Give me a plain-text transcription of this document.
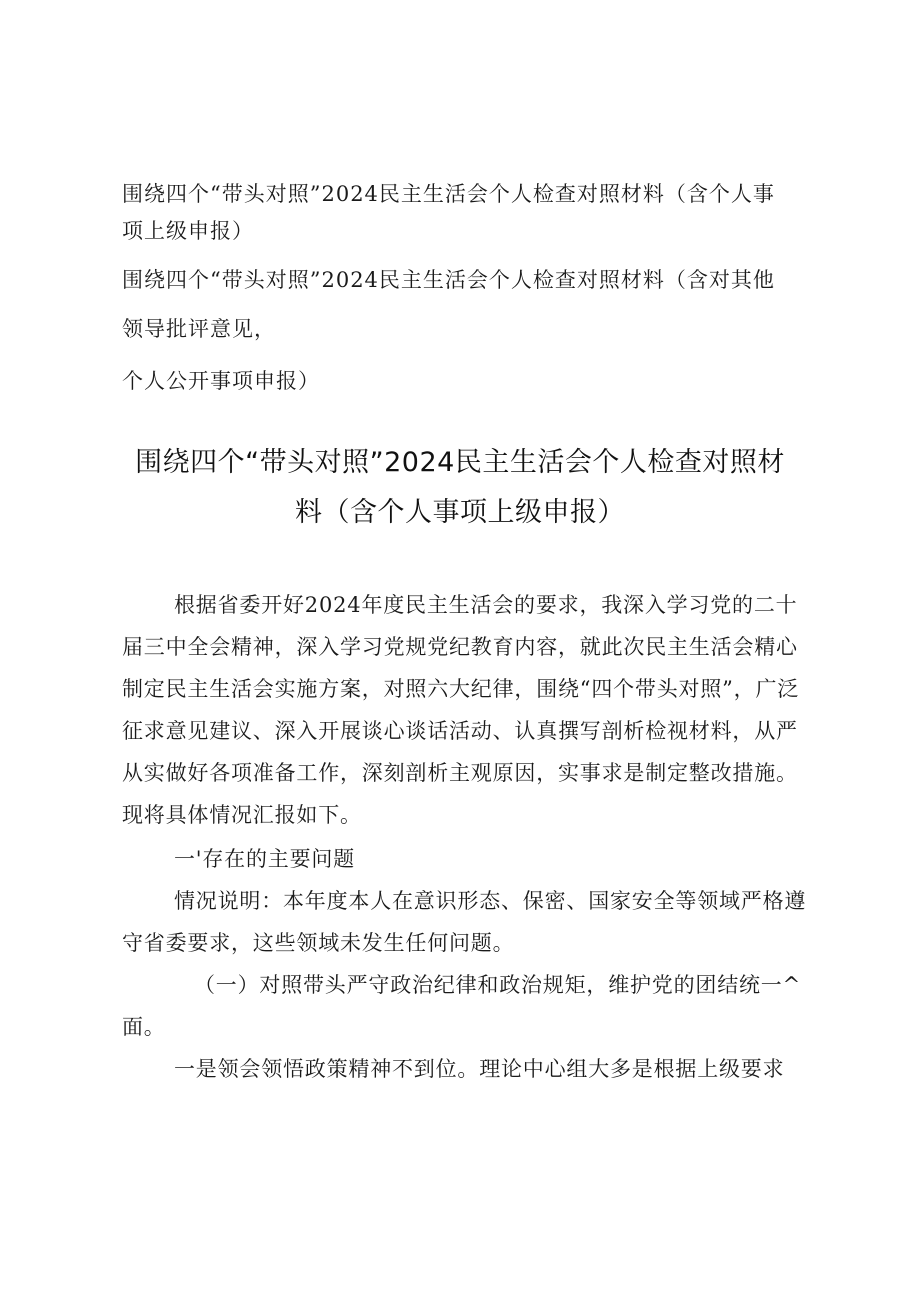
围绕四个“带头对照”2024民主生活会个人检查对照材料（含个人事

项上级申报）

围绕四个“带头对照”2024民主生活会个人检查对照材料（含对其他

领导批评意见，

个人公开事项申报）

围绕四个“带头对照”2024民主生活会个人检查对照材

料（含个人事项上级申报）

根据省委开好2024年度民主生活会的要求，我深入学习党的二十届三中全会精神，深入学习党规党纪教育内容，就此次民主生活会精心制定民主生活会实施方案，对照六大纪律，围绕“四个带头对照”，广泛征求意见建议、深入开展谈心谈话活动、认真撰写剖析检视材料，从严从实做好各项准备工作，深刻剖析主观原因，实事求是制定整改措施。现将具体情况汇报如下。

一'存在的主要问题

情况说明：本年度本人在意识形态、保密、国家安全等领域严格遵守省委要求，这些领域未发生任何问题。

（一）对照带头严守政治纪律和政治规矩，维护党的团结统一^面。

一是领会领悟政策精神不到位。理论中心组大多是根据上级要求
